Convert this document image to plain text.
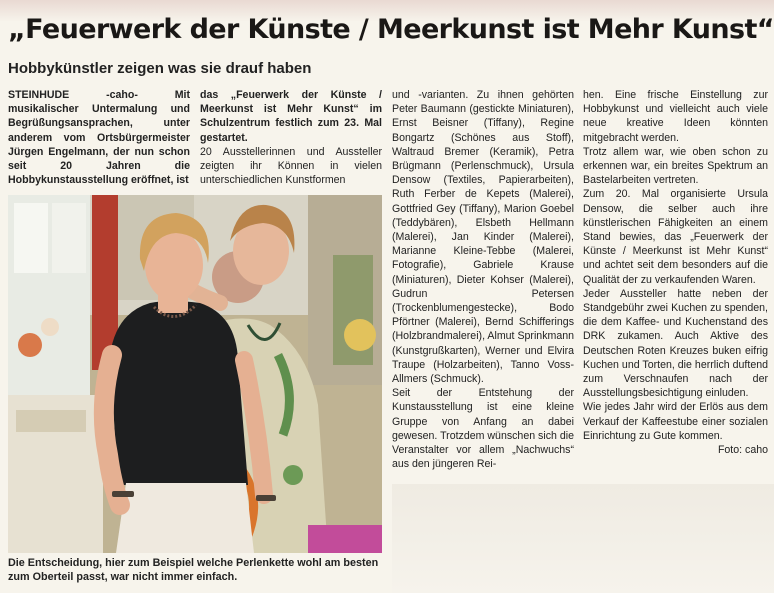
„Feuerwerk der Künste / Meerkunst ist Mehr Kunst“
Hobbykünstler zeigen was sie drauf haben

STEINHUDE -caho- Mit musikalischer Untermalung und Begrüßungsansprachen, unter anderem vom Ortsbürgermeister Jürgen Engelmann, der nun schon seit 20 Jahren die Hobbykunstausstellung eröffnet, ist

das „Feuerwerk der Künste / Meerkunst ist Mehr Kunst“ im Schulzentrum festlich zum 23. Mal gestartet.

20 Ausstellerinnen und Aussteller zeigten ihr Können in vielen unterschiedlichen Kunstformen

Die Entscheidung, hier zum Beispiel welche Perlenkette wohl am besten zum Oberteil passt, war nicht immer einfach.

und -varianten. Zu ihnen gehörten Peter Baumann (gestickte Miniaturen), Ernst Beisner (Tiffany), Regine Bongartz (Schönes aus Stoff), Waltraud Bremer (Keramik), Petra Brügmann (Perlenschmuck), Ursula Densow (Textiles, Papierarbeiten), Ruth Ferber de Kepets (Malerei), Gottfried Gey (Tiffany), Marion Goebel (Teddybären), Elsbeth Hellmann (Malerei), Jan Kinder (Malerei), Marianne Kleine-Tebbe (Malerei, Fotografie), Gabriele Krause (Miniaturen), Dieter Kohser (Malerei), Gudrun Petersen (Trockenblumengestecke), Bodo Pförtner (Malerei), Bernd Schifferings (Holzbrandmalerei), Almut Sprinkmann (Kunstgrußkarten), Werner und Elvira Traupe (Holzarbeiten), Tanno Voss-Allmers (Schmuck).

Seit der Entstehung der Kunstausstellung ist eine kleine Gruppe von Anfang an dabei gewesen. Trotzdem wünschen sich die Veranstalter vor allem „Nachwuchs“ aus den jüngeren Rei-

hen. Eine frische Einstellung zur Hobbykunst und vielleicht auch viele neue kreative Ideen könnten mitgebracht werden.

Trotz allem war, wie oben schon zu erkennen war, ein breites Spektrum an Bastelarbeiten vertreten.

Zum 20. Mal organisierte Ursula Densow, die selber auch ihre künstlerischen Fähigkeiten an einem Stand bewies, das „Feuerwerk der Künste / Meerkunst ist Mehr Kunst“ und achtet seit dem besonders auf die Qualität der zu verkaufenden Waren.

Jeder Aussteller hatte neben der Standgebühr zwei Kuchen zu spenden, die dem Kaffee- und Kuchenstand des DRK zukamen. Auch Aktive des Deutschen Roten Kreuzes buken eifrig Kuchen und Torten, die herrlich duftend zum Verschnaufen nach der Ausstellungsbesichtigung einluden.

Wie jedes Jahr wird der Erlös aus dem Verkauf der Kaffeestube einer sozialen Einrichtung zu Gute kommen.

Foto: caho
